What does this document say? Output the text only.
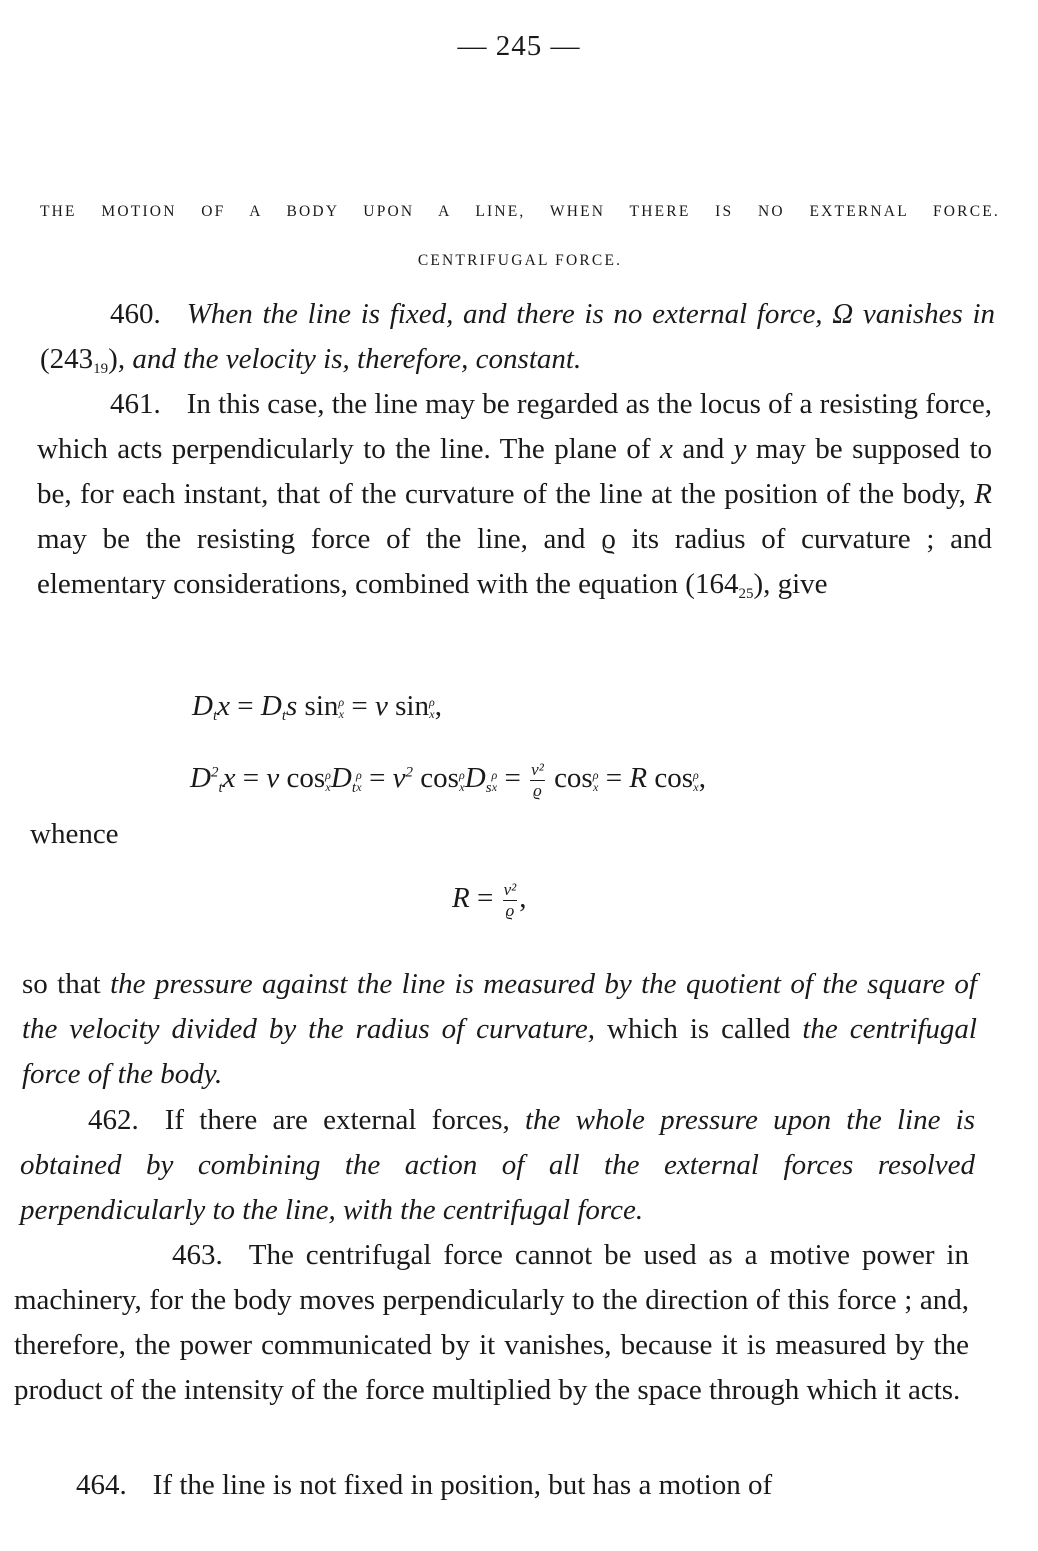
— 245 —
THE MOTION OF A BODY UPON A LINE, WHEN THERE IS NO EXTERNAL FORCE.
CENTRIFUGAL FORCE.

460. When the line is fixed, and there is no external force, Ω vanishes in $(243_{19})$, and the velocity is, therefore, constant.

461. In this case, the line may be regarded as the locus of a resisting force, which acts perpendicularly to the line. The plane of x and y may be supposed to be, for each instant, that of the curvature of the line at the position of the body, R may be the resisting force of the line, and ϱ its radius of curvature ; and elementary considerations, combined with the equation $(164_{25})$, give

$D_tx = D_ts$ sin ρ
x = v sin ρ
x ,
$D^2_tx = v$ cos ρ
x $D_t$
ρ
$x = v^2$ cos ρ
x $D_s$
ρ
$x = \frac{\text{v²}}{ϱ}$ cos ρ
x = R cos ρ
x ,
whence
$R = \frac{\text{v²}}{ϱ}$ ,

so that the pressure against the line is measured by the quotient of the square of the velocity divided by the radius of curvature, which is called the centrifugal force of the body.

462. If there are external forces, the whole pressure upon the line is obtained by combining the action of all the external forces resolved perpendicularly to the line, with the centrifugal force.

463. The centrifugal force cannot be used as a motive power in machinery, for the body moves perpendicularly to the direction of this force ; and, therefore, the power communicated by it vanishes, because it is measured by the product of the intensity of the force multiplied by the space through which it acts.

464. If the line is not fixed in position, but has a motion of
